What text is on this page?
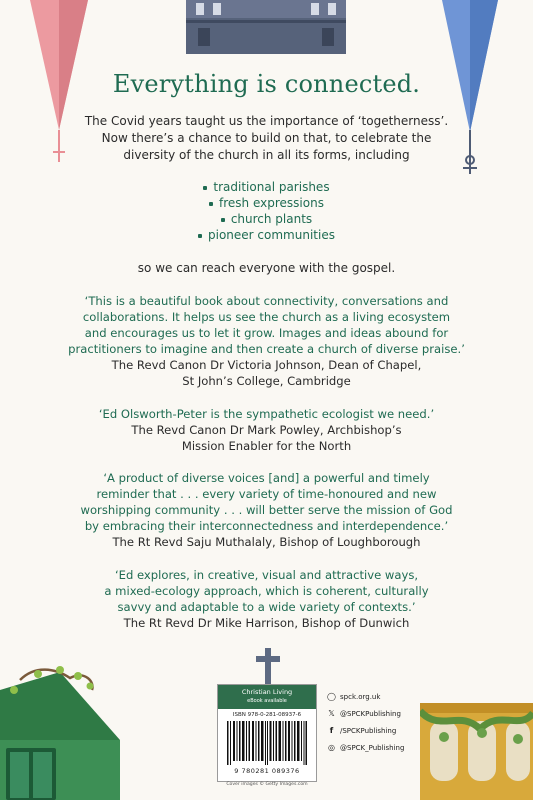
Everything is connected.
The Covid years taught us the importance of ‘togetherness’.
Now there’s a chance to build on that, to celebrate the
diversity of the church in all its forms, including
traditional parishes
fresh expressions
church plants
pioneer communities
so we can reach everyone with the gospel.
‘This is a beautiful book about connectivity, conversations and
collaborations. It helps us see the church as a living ecosystem
and encourages us to let it grow. Images and ideas abound for
practitioners to imagine and then create a church of diverse praise.’
The Revd Canon Dr Victoria Johnson, Dean of Chapel,
St John’s College, Cambridge
‘Ed Olsworth-Peter is the sympathetic ecologist we need.’
The Revd Canon Dr Mark Powley, Archbishop’s
Mission Enabler for the North
‘A product of diverse voices [and] a powerful and timely
reminder that . . . every variety of time-honoured and new
worshipping community . . . will better serve the mission of God
by embracing their interconnectedness and interdependence.’
The Rt Revd Saju Muthalaly, Bishop of Loughborough
‘Ed explores, in creative, visual and attractive ways,
a mixed-ecology approach, which is coherent, culturally
savvy and adaptable to a wide variety of contexts.’
The Rt Revd Dr Mike Harrison, Bishop of Dunwich
Christian Living
eBook available
ISBN 978-0-281-08937-6
9 780281 089376
Cover images © Getty Images.com
◯ spck.org.uk
𝕏 @SPCKPublishing
f /SPCKPublishing
◎ @SPCK_Publishing
